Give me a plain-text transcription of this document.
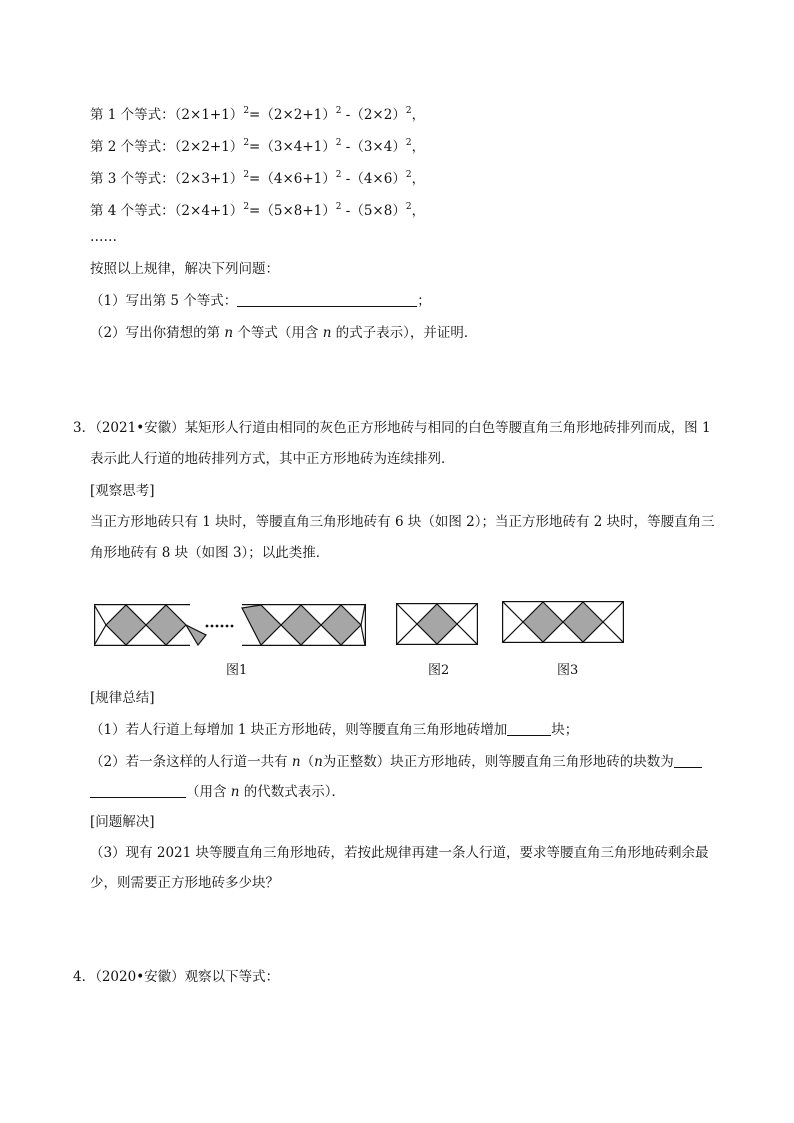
第 1 个等式：$(2\times 1+1)^2=(2\times 2+1)^2$ $-(2\times 2)^2$，
第 2 个等式：$(2\times 2+1)^2=(3\times 4+1)^2$ $-(3\times 4)^2$，
第 3 个等式：$(2\times 3+1)^2=(4\times 6+1)^2$ $-(4\times 6)^2$，
第 4 个等式：$(2\times 4+1)^2=(5\times 8+1)^2$ $-(5\times 8)^2$，
……
按照以上规律，解决下列问题：
（1）写出第 5 个等式：	；
（2）写出你猜想的第 n 个等式（用含 n 的式子表示），并证明．
3．（2021•安徽）某矩形人行道由相同的灰色正方形地砖与相同的白色等腰直角三角形地砖排列而成，图 1
表示此人行道的地砖排列方式，其中正方形地砖为连续排列．
[观察思考]
当正方形地砖只有 1 块时，等腰直角三角形地砖有 6 块（如图 2）；当正方形地砖有 2 块时，等腰直角三
角形地砖有 8 块（如图 3）；以此类推．
图1	图2	图3
[规律总结]
（1）若人行道上每增加 1 块正方形地砖，则等腰直角三角形地砖增加	块；
（2）若一条这样的人行道一共有 n（n为正整数）块正方形地砖，则等腰直角三角形地砖的块数为
（用含 n 的代数式表示）．
[问题解决]
（3）现有 2021 块等腰直角三角形地砖，若按此规律再建一条人行道，要求等腰直角三角形地砖剩余最
少，则需要正方形地砖多少块？
4．（2020•安徽）观察以下等式：
